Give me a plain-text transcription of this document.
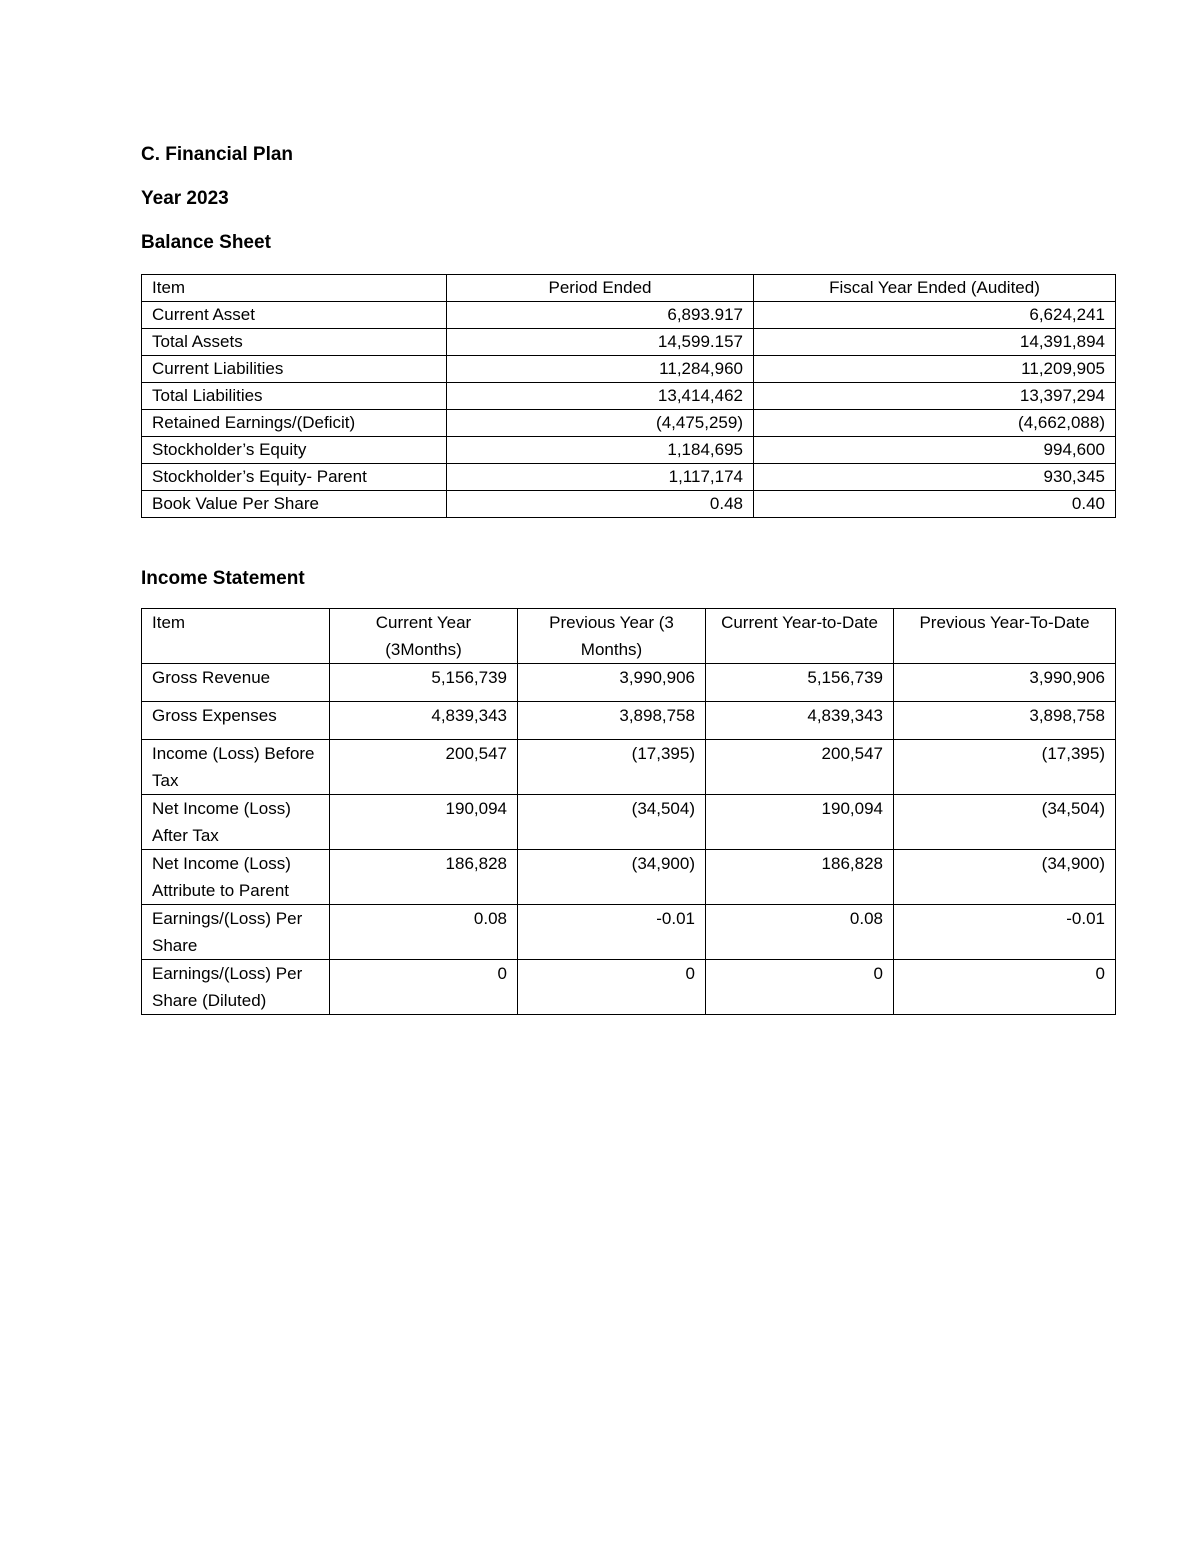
C. Financial Plan
Year 2023
Balance Sheet
Item	Period Ended	Fiscal Year Ended (Audited)
Current Asset	6,893.917	6,624,241
Total Assets	14,599.157	14,391,894
Current Liabilities	11,284,960	11,209,905
Total Liabilities	13,414,462	13,397,294
Retained Earnings/(Deficit)	(4,475,259)	(4,662,088)
Stockholder’s Equity	1,184,695	994,600
Stockholder’s Equity- Parent	1,117,174	930,345
Book Value Per Share	0.48	0.40
Income Statement
Item	Current Year (3Months)	Previous Year (3 Months)	Current Year-to-Date	Previous Year-To-Date
Gross Revenue	5,156,739	3,990,906	5,156,739	3,990,906
Gross Expenses	4,839,343	3,898,758	4,839,343	3,898,758
Income (Loss) Before Tax	200,547	(17,395)	200,547	(17,395)
Net Income (Loss) After Tax	190,094	(34,504)	190,094	(34,504)
Net Income (Loss) Attribute to Parent	186,828	(34,900)	186,828	(34,900)
Earnings/(Loss) Per Share	0.08	-0.01	0.08	-0.01
Earnings/(Loss) Per Share (Diluted)	0	0	0	0
